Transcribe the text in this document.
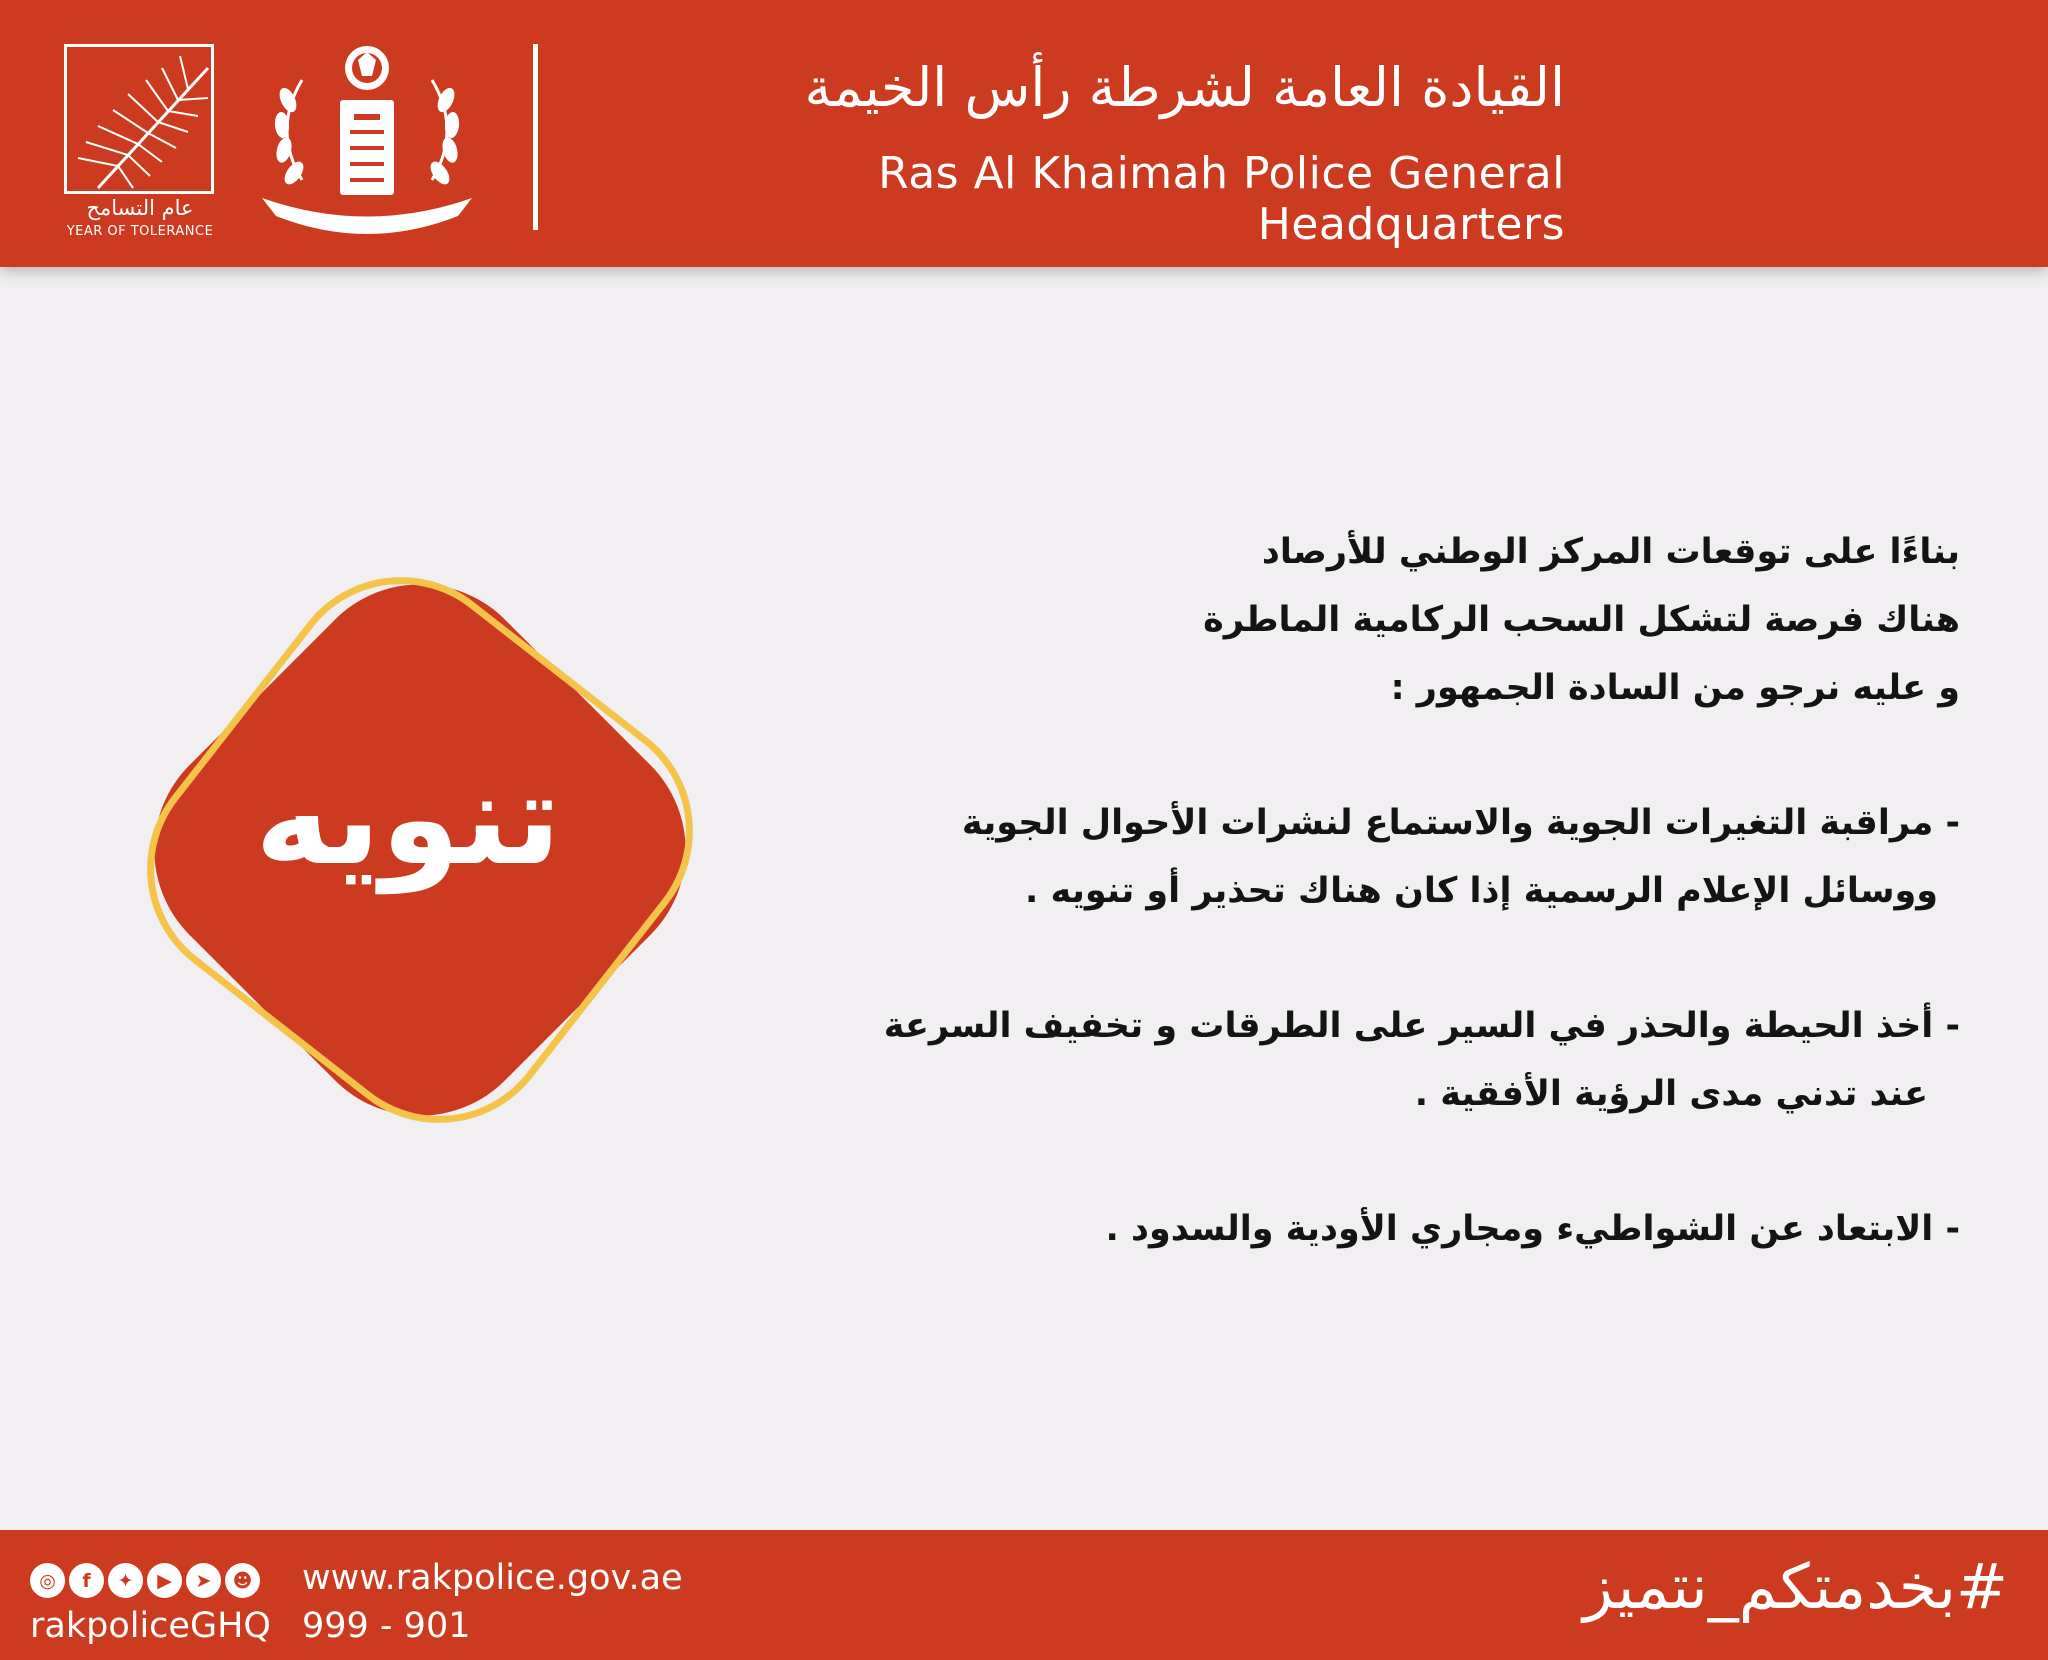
عام التسامح
YEAR OF TOLERANCE
القيادة العامة لشرطة رأس الخيمة
Ras Al Khaimah Police General Headquarters
تنويه
بناءًا على توقعات المركز الوطني للأرصاد
هناك فرصة لتشكل السحب الركامية الماطرة
و عليه نرجو من السادة الجمهور :
- مراقبة التغيرات الجوية والاستماع لنشرات الأحوال الجوية
ووسائل الإعلام الرسمية إذا كان هناك تحذير أو تنويه .
- أخذ الحيطة والحذر في السير على الطرقات و تخفيف السرعة
عند تدني مدى الرؤية الأفقية .
- الابتعاد عن الشواطيء ومجاري الأودية والسدود .
◎	f	✦	▶	➤	☻
rakpoliceGHQ
www.rakpolice.gov.ae
999 - 901
#بخدمتكم_نتميز
